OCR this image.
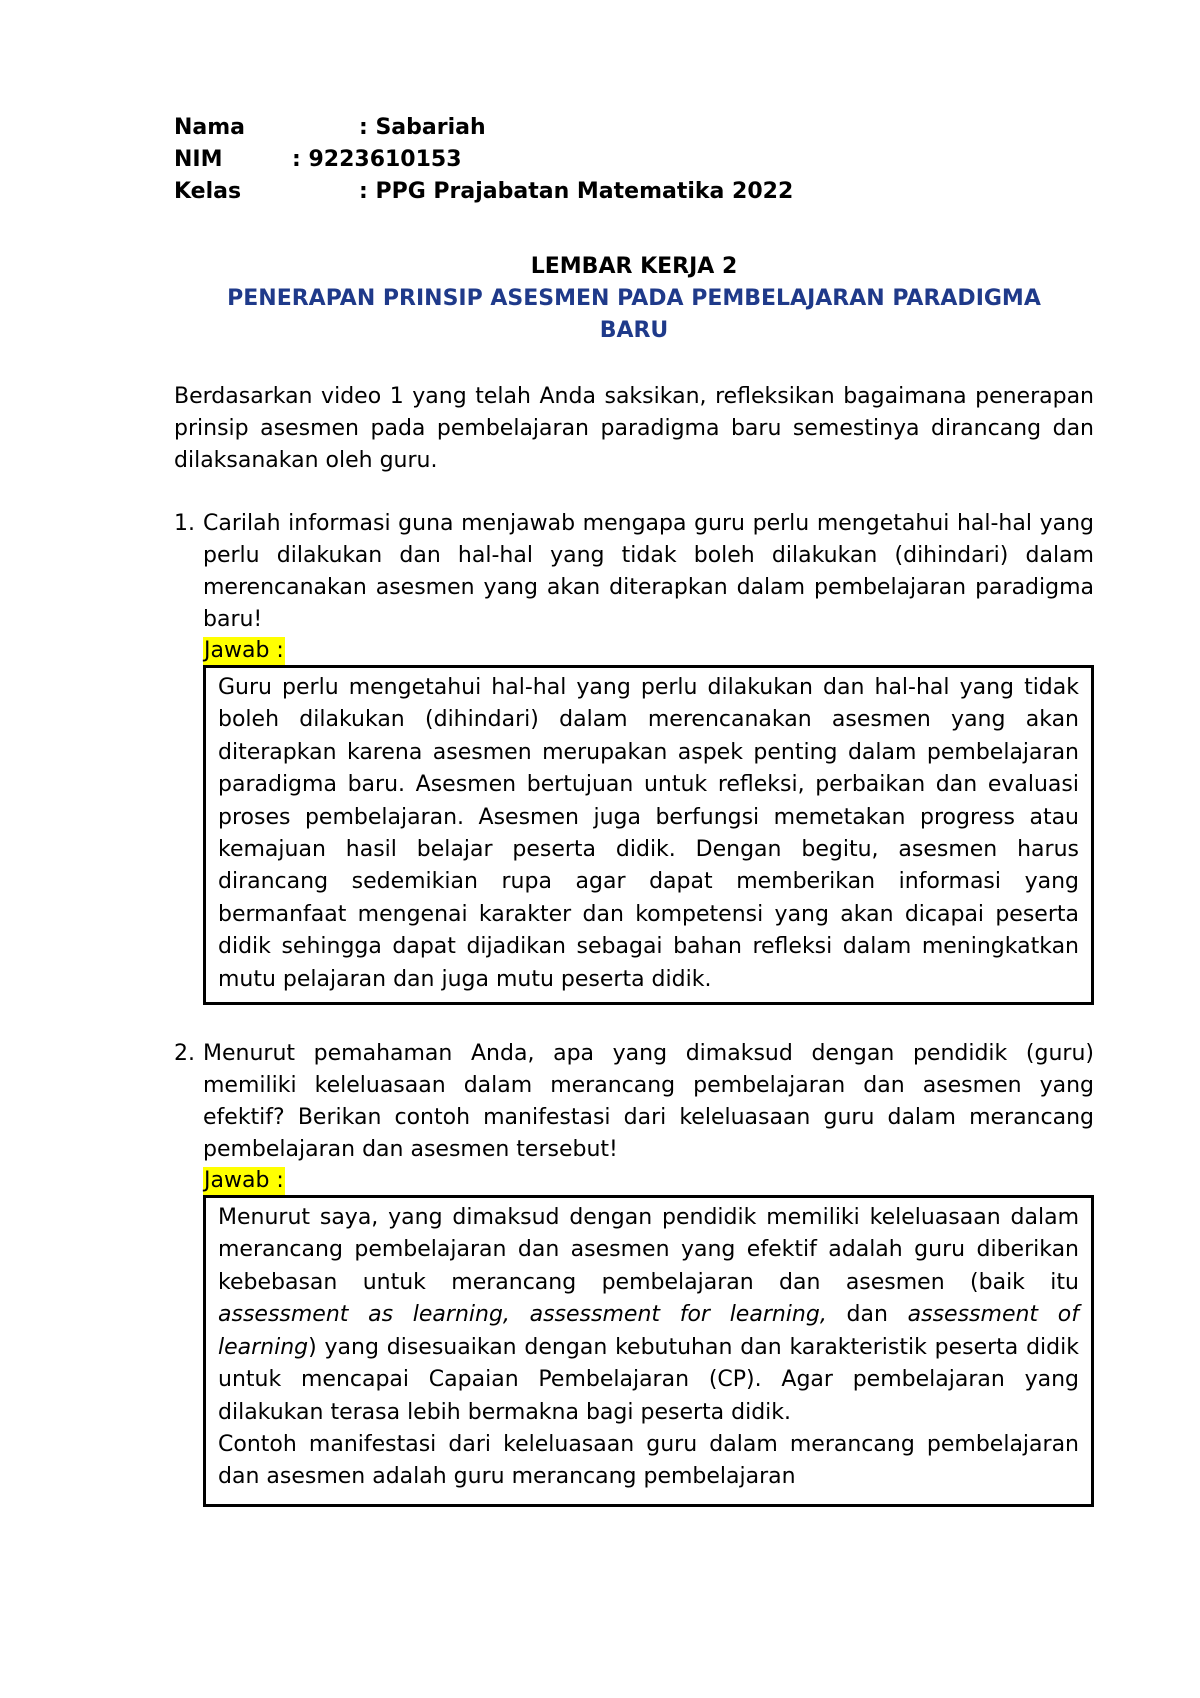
Nama	: Sabariah
NIM	: 9223610153
Kelas	: PPG Prajabatan Matematika 2022
LEMBAR KERJA 2
PENERAPAN PRINSIP ASESMEN PADA PEMBELAJARAN PARADIGMA
BARU
Berdasarkan video 1 yang telah Anda saksikan, refleksikan bagaimana penerapan prinsip asesmen pada pembelajaran paradigma baru semestinya dirancang dan dilaksanakan oleh guru.
1. Carilah informasi guna menjawab mengapa guru perlu mengetahui hal-hal yang perlu dilakukan dan hal-hal yang tidak boleh dilakukan (dihindari) dalam merencanakan asesmen yang akan diterapkan dalam pembelajaran paradigma baru!
Jawab :

Guru perlu mengetahui hal-hal yang perlu dilakukan dan hal-hal yang tidak boleh dilakukan (dihindari) dalam merencanakan asesmen yang akan diterapkan karena asesmen merupakan aspek penting dalam pembelajaran paradigma baru. Asesmen bertujuan untuk refleksi, perbaikan dan evaluasi proses pembelajaran. Asesmen juga berfungsi memetakan progress atau kemajuan hasil belajar peserta didik. Dengan begitu, asesmen harus dirancang sedemikian rupa agar dapat memberikan informasi yang bermanfaat mengenai karakter dan kompetensi yang akan dicapai peserta didik sehingga dapat dijadikan sebagai bahan refleksi dalam meningkatkan mutu pelajaran dan juga mutu peserta didik.

2. Menurut pemahaman Anda, apa yang dimaksud dengan pendidik (guru) memiliki keleluasaan dalam merancang pembelajaran dan asesmen yang efektif? Berikan contoh manifestasi dari keleluasaan guru dalam merancang pembelajaran dan asesmen tersebut!
Jawab :

Menurut saya, yang dimaksud dengan pendidik memiliki keleluasaan dalam merancang pembelajaran dan asesmen yang efektif adalah guru diberikan kebebasan untuk merancang pembelajaran dan asesmen (baik itu assessment as learning, assessment for learning, dan assessment of learning) yang disesuaikan dengan kebutuhan dan karakteristik peserta didik untuk mencapai Capaian Pembelajaran (CP). Agar pembelajaran yang dilakukan terasa lebih bermakna bagi peserta didik.

Contoh manifestasi dari keleluasaan guru dalam merancang pembelajaran dan asesmen adalah guru merancang pembelajaran
